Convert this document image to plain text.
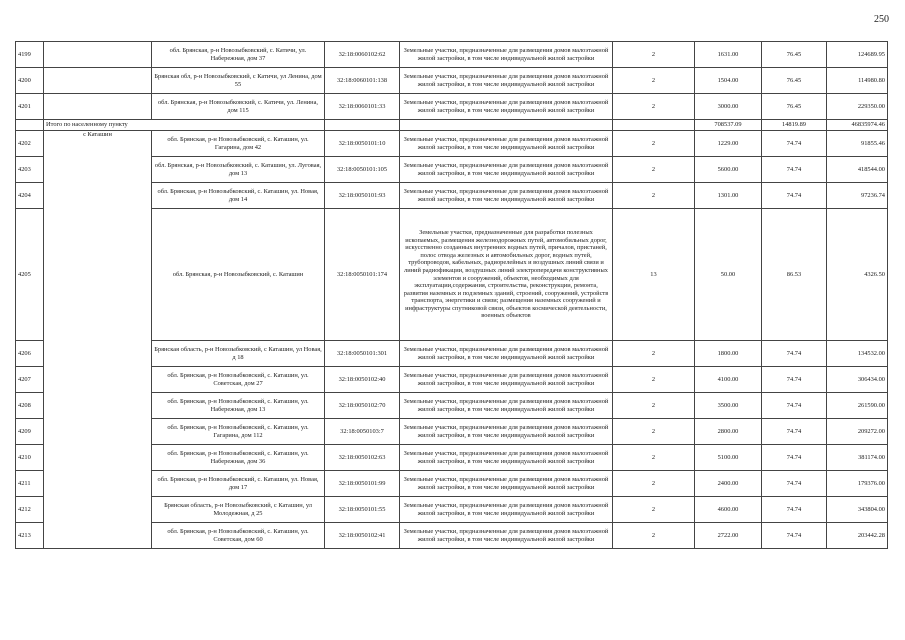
250
4199		обл. Брянская, р-н Новозыбковский, с. Катичи, ул. Набережная, дом 37	32:18:0060102:62	Земельные участки, предназначенные для размещения домов малоэтажной жилой застройки, в том числе индивидуальной жилой застройки	2	1631.00	76.45	124689.95
4200		Брянская обл, р-н Новозыбковский, с Катичи, ул Ленина, дом 55	32:18:0060101:138	Земельные участки, предназначенные для размещения домов малоэтажной жилой застройки, в том числе индивидуальной жилой застройки	2	1504.00	76.45	114980.80
4201		обл. Брянская, р-н Новозыбковский, с. Катичи, ул. Ленина, дом 115	32:18:0060101:33	Земельные участки, предназначенные для размещения домов малоэтажной жилой застройки, в том числе индивидуальной жилой застройки	2	3000.00	76.45	229350.00
	Итого по населенному пункту					708537.09	14819.89	46835974.46
4202	с Каташин	обл. Брянская, р-н Новозыбковский, с. Каташин, ул. Гагарина, дом 42	32:18:0050101:10	Земельные участки, предназначенные для размещения домов малоэтажной жилой застройки, в том числе индивидуальной жилой застройки	2	1229.00	74.74	91855.46
4203		обл. Брянская, р-н Новозыбковский, с. Каташин, ул. Луговая, дом 13	32:18:0050101:105	Земельные участки, предназначенные для размещения домов малоэтажной жилой застройки, в том числе индивидуальной жилой застройки	2	5600.00	74.74	418544.00
4204		обл. Брянская, р-н Новозыбковский, с. Каташин, ул. Новая, дом 14	32:18:0050101:93	Земельные участки, предназначенные для размещения домов малоэтажной жилой застройки, в том числе индивидуальной жилой застройки	2	1301.00	74.74	97236.74
4205		обл. Брянская, р-н Новозыбковский, с. Каташин	32:18:0050101:174	Земельные участки, предназначенные для разработки полезных ископаемых, размещения железнодорожных путей, автомобильных дорог, искусственно созданных внутренних водных путей, причалов, пристаней, полос отвода железных и автомобильных дорог, водных путей, трубопроводов, кабельных, радиорелейных и воздушных линий связи и линий радиофикации, воздушных линий электропередачи конструктивных элементов и сооружений, объектов, необходимых для эксплуатации,содержания, строительства, реконструкции, ремонта, развития наземных и подземных зданий, строений, сооружений, устройств транспорта, энергетики и связи; размещения наземных сооружений и инфраструктуры спутниковой связи, объектов космической деятельности, военных объектов	13	50.00	86.53	4326.50
4206		Брянская область, р-н Новозыбковский, с Каташин, ул Новая, д 18	32:18:0050101:301	Земельные участки, предназначенные для размещения домов малоэтажной жилой застройки, в том числе индивидуальной жилой застройки	2	1800.00	74.74	134532.00
4207		обл. Брянская, р-н Новозыбковский, с. Каташин, ул. Советская, дом 27	32:18:0050102:40	Земельные участки, предназначенные для размещения домов малоэтажной жилой застройки, в том числе индивидуальной жилой застройки	2	4100.00	74.74	306434.00
4208		обл. Брянская, р-н Новозыбковский, с. Каташин, ул. Набережная, дом 13	32:18:0050102:70	Земельные участки, предназначенные для размещения домов малоэтажной жилой застройки, в том числе индивидуальной жилой застройки	2	3500.00	74.74	261590.00
4209		обл. Брянская, р-н Новозыбковский, с. Каташин, ул. Гагарина, дом 112	32:18:0050103:7	Земельные участки, предназначенные для размещения домов малоэтажной жилой застройки, в том числе индивидуальной жилой застройки	2	2800.00	74.74	209272.00
4210		обл. Брянская, р-н Новозыбковский, с. Каташин, ул. Набережная, дом 36	32:18:0050102:63	Земельные участки, предназначенные для размещения домов малоэтажной жилой застройки, в том числе индивидуальной жилой застройки	2	5100.00	74.74	381174.00
4211		обл. Брянская, р-н Новозыбковский, с. Каташин, ул. Новая, дом 17	32:18:0050101:99	Земельные участки, предназначенные для размещения домов малоэтажной жилой застройки, в том числе индивидуальной жилой застройки	2	2400.00	74.74	179376.00
4212		Брянская область, р-н Новозыбковский, с Каташин, ул Молодежная, д 25	32:18:0050101:55	Земельные участки, предназначенные для размещения домов малоэтажной жилой застройки, в том числе индивидуальной жилой застройки	2	4600.00	74.74	343804.00
4213		обл. Брянская, р-н Новозыбковский, с. Каташин, ул. Советская, дом 60	32:18:0050102:41	Земельные участки, предназначенные для размещения домов малоэтажной жилой застройки, в том числе индивидуальной жилой застройки	2	2722.00	74.74	203442.28
